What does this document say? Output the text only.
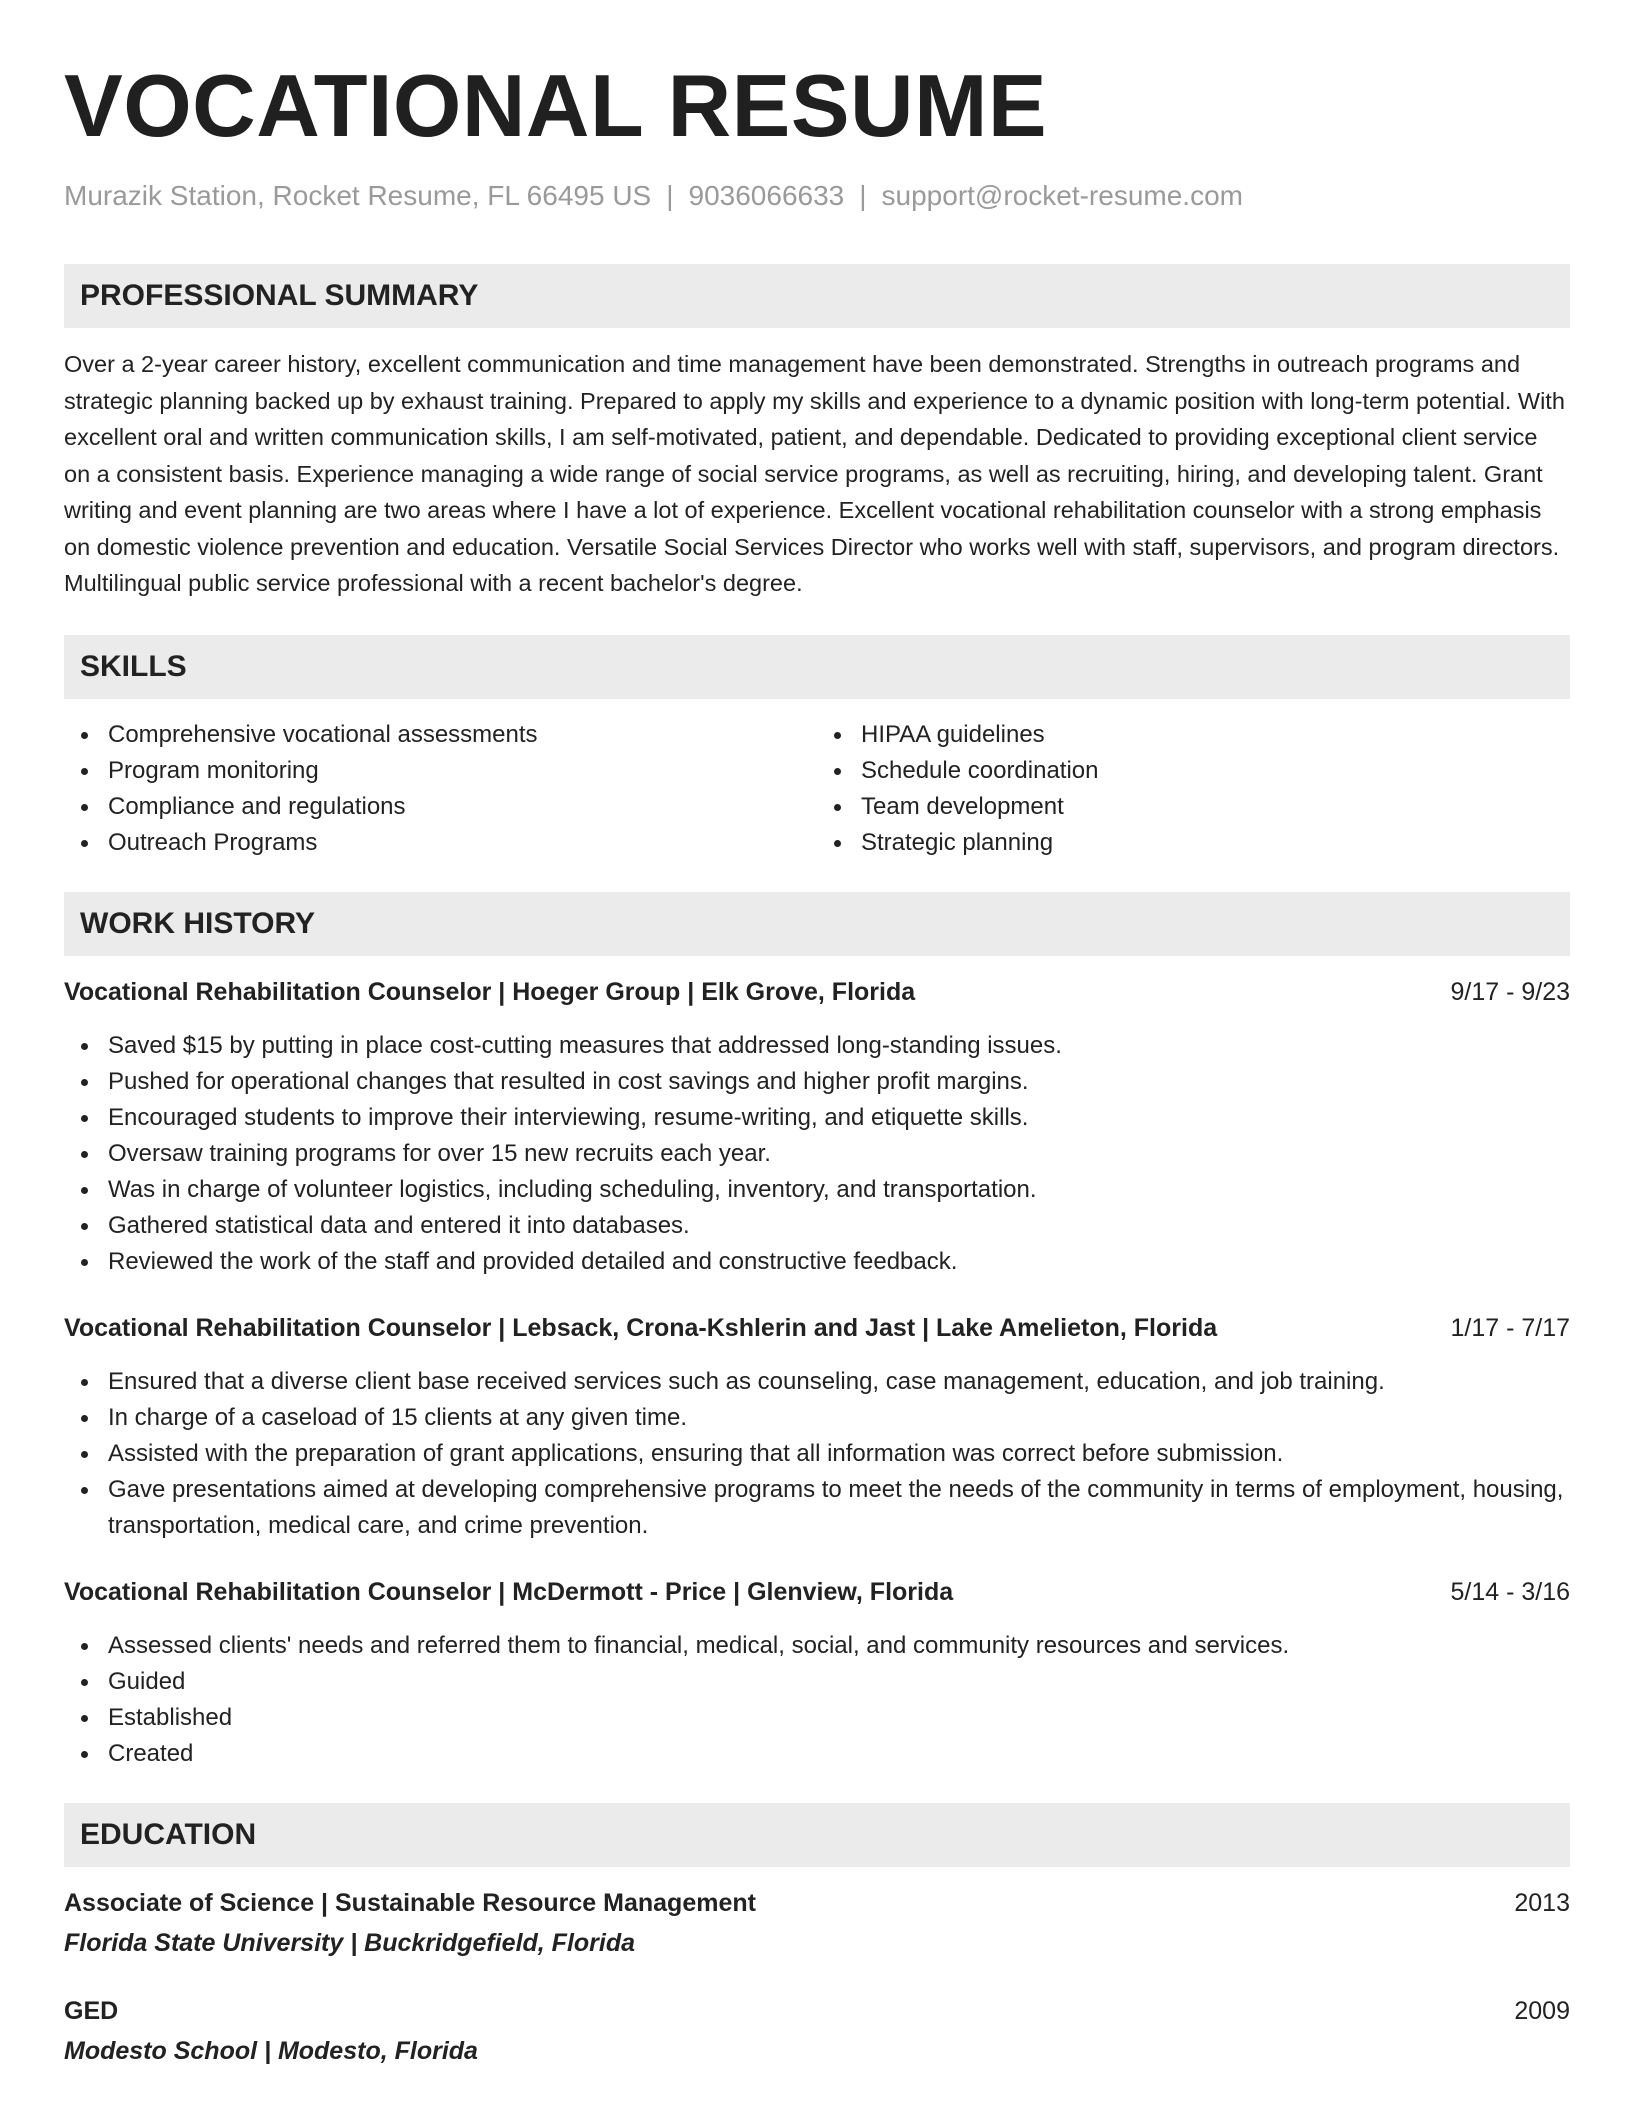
VOCATIONAL RESUME
Murazik Station, Rocket Resume, FL 66495 US | 9036066633 | support@rocket-resume.com
PROFESSIONAL SUMMARY

Over a 2-year career history, excellent communication and time management have been demonstrated. Strengths in outreach programs and strategic planning backed up by exhaust training. Prepared to apply my skills and experience to a dynamic position with long-term potential. With excellent oral and written communication skills, I am self-motivated, patient, and dependable. Dedicated to providing exceptional client service on a consistent basis. Experience managing a wide range of social service programs, as well as recruiting, hiring, and developing talent. Grant writing and event planning are two areas where I have a lot of experience. Excellent vocational rehabilitation counselor with a strong emphasis on domestic violence prevention and education. Versatile Social Services Director who works well with staff, supervisors, and program directors. Multilingual public service professional with a recent bachelor's degree.

SKILLS
Comprehensive vocational assessments
Program monitoring
Compliance and regulations
Outreach Programs
HIPAA guidelines
Schedule coordination
Team development
Strategic planning
WORK HISTORY
Vocational Rehabilitation Counselor | Hoeger Group | Elk Grove, Florida	9/17 - 9/23
Saved $15 by putting in place cost-cutting measures that addressed long-standing issues.
Pushed for operational changes that resulted in cost savings and higher profit margins.
Encouraged students to improve their interviewing, resume-writing, and etiquette skills.
Oversaw training programs for over 15 new recruits each year.
Was in charge of volunteer logistics, including scheduling, inventory, and transportation.
Gathered statistical data and entered it into databases.
Reviewed the work of the staff and provided detailed and constructive feedback.
Vocational Rehabilitation Counselor | Lebsack, Crona-Kshlerin and Jast | Lake Amelieton, Florida	1/17 - 7/17
Ensured that a diverse client base received services such as counseling, case management, education, and job training.
In charge of a caseload of 15 clients at any given time.
Assisted with the preparation of grant applications, ensuring that all information was correct before submission.
Gave presentations aimed at developing comprehensive programs to meet the needs of the community in terms of employment, housing, transportation, medical care, and crime prevention.
Vocational Rehabilitation Counselor | McDermott - Price | Glenview, Florida	5/14 - 3/16
Assessed clients' needs and referred them to financial, medical, social, and community resources and services.
Guided
Established
Created
EDUCATION
Associate of Science | Sustainable Resource Management	2013
Florida State University | Buckridgefield, Florida
GED	2009
Modesto School | Modesto, Florida
